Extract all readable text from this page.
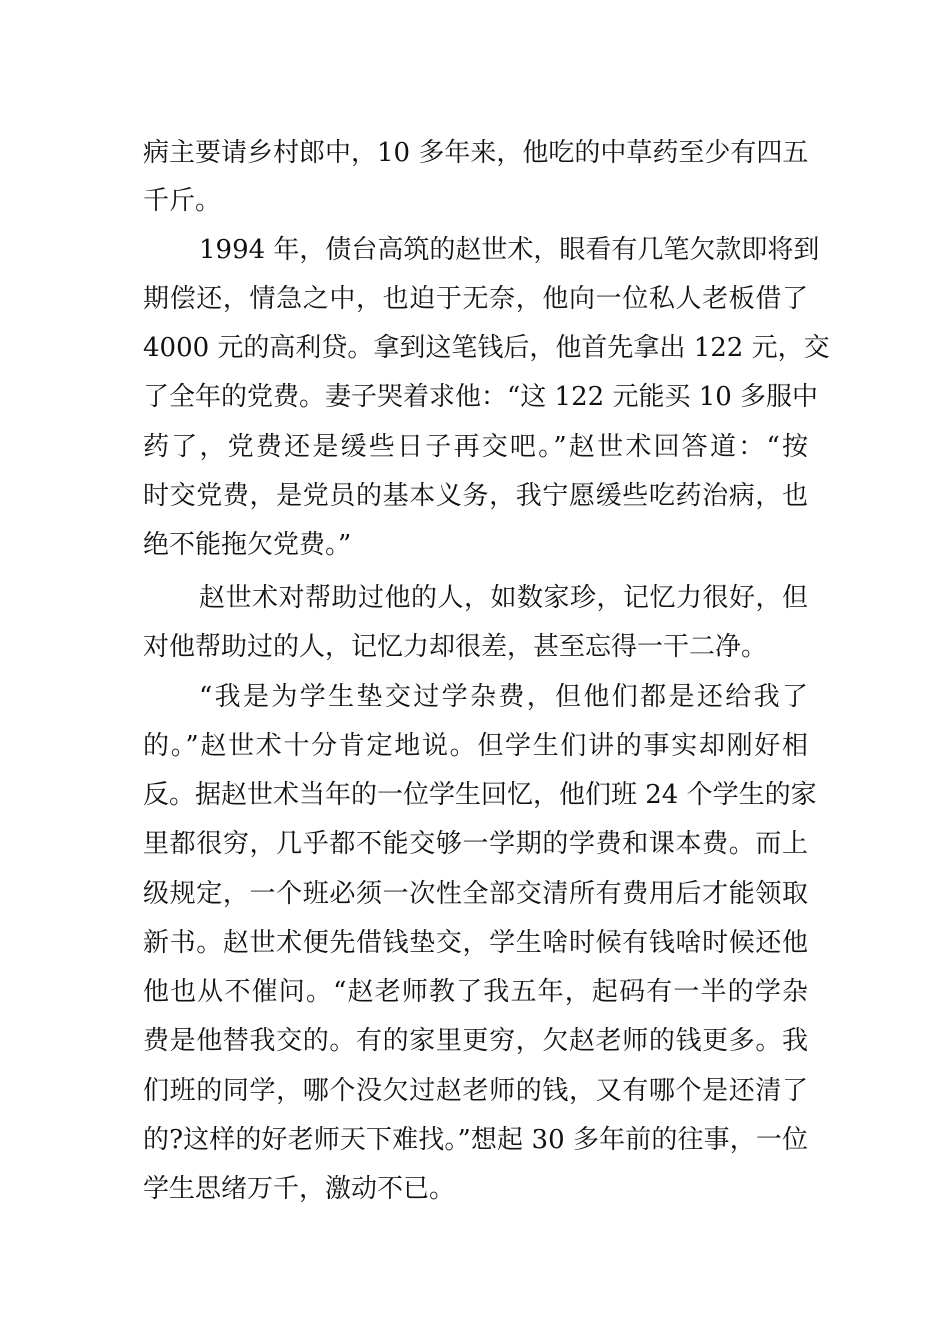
病主要请乡村郎中，10 多年来，他吃的中草药至少有四五
千斤。
1994 年，债台高筑的赵世术，眼看有几笔欠款即将到
期偿还，情急之中，也迫于无奈，他向一位私人老板借了
4000 元的高利贷。拿到这笔钱后，他首先拿出 122 元，交
了全年的党费。妻子哭着求他：“这 122 元能买 10 多服中
药了，党费还是缓些日子再交吧。”赵世术回答道：“按
时交党费，是党员的基本义务，我宁愿缓些吃药治病，也
绝不能拖欠党费。”
赵世术对帮助过他的人，如数家珍，记忆力很好，但
对他帮助过的人，记忆力却很差，甚至忘得一干二净。
“我是为学生垫交过学杂费，但他们都是还给我了
的。”赵世术十分肯定地说。但学生们讲的事实却刚好相
反。据赵世术当年的一位学生回忆，他们班 24 个学生的家
里都很穷，几乎都不能交够一学期的学费和课本费。而上
级规定，一个班必须一次性全部交清所有费用后才能领取
新书。赵世术便先借钱垫交，学生啥时候有钱啥时候还他
他也从不催问。“赵老师教了我五年，起码有一半的学杂
费是他替我交的。有的家里更穷，欠赵老师的钱更多。我
们班的同学，哪个没欠过赵老师的钱，又有哪个是还清了
的?这样的好老师天下难找。”想起 30 多年前的往事，一位
学生思绪万千，激动不已。
